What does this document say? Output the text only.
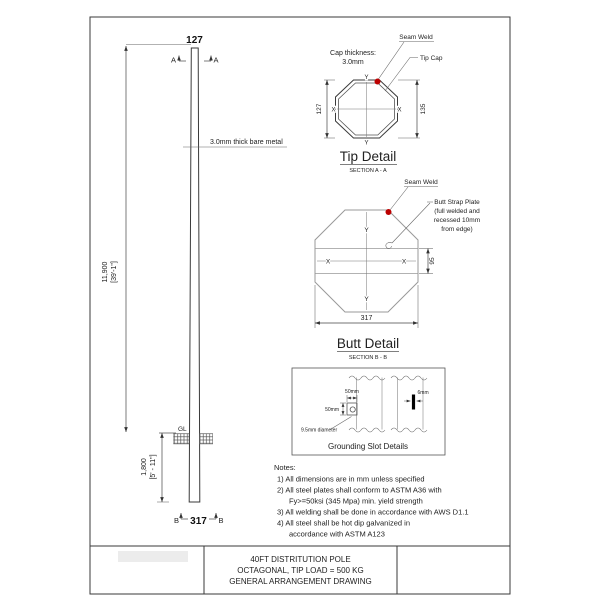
40FT DISTRITUTION POLE
OCTAGONAL, TIP LOAD = 500 KG
GENERAL ARRANGEMENT DRAWING
127
A	A
11,900 [39'-1"]
3.0mm thick bare metal
GL
1,800 [5' - 11"]
B	B
317
X	X
Y
Y
127	135
Cap thickness:
3.0mm
Seam Weld
Tip Cap
Tip Detail
SECTION A - A
Y
Y
X	X	95
317
Seam Weld
Butt Strap Plate
(full welded and
recessed 10mm
from edge)
Butt Detail
SECTION B - B
50mm
50mm
9.5mm diameter
6mm
Grounding Slot Details
Notes:
1) All dimensions are in mm unless specified
2) All steel plates shall conform to ASTM A36 with
Fy>=50ksi (345 Mpa) min. yield strength
3) All welding shall be done in accordance with AWS D1.1
4) All steel shall be hot dip galvanized in
accordance with ASTM A123
